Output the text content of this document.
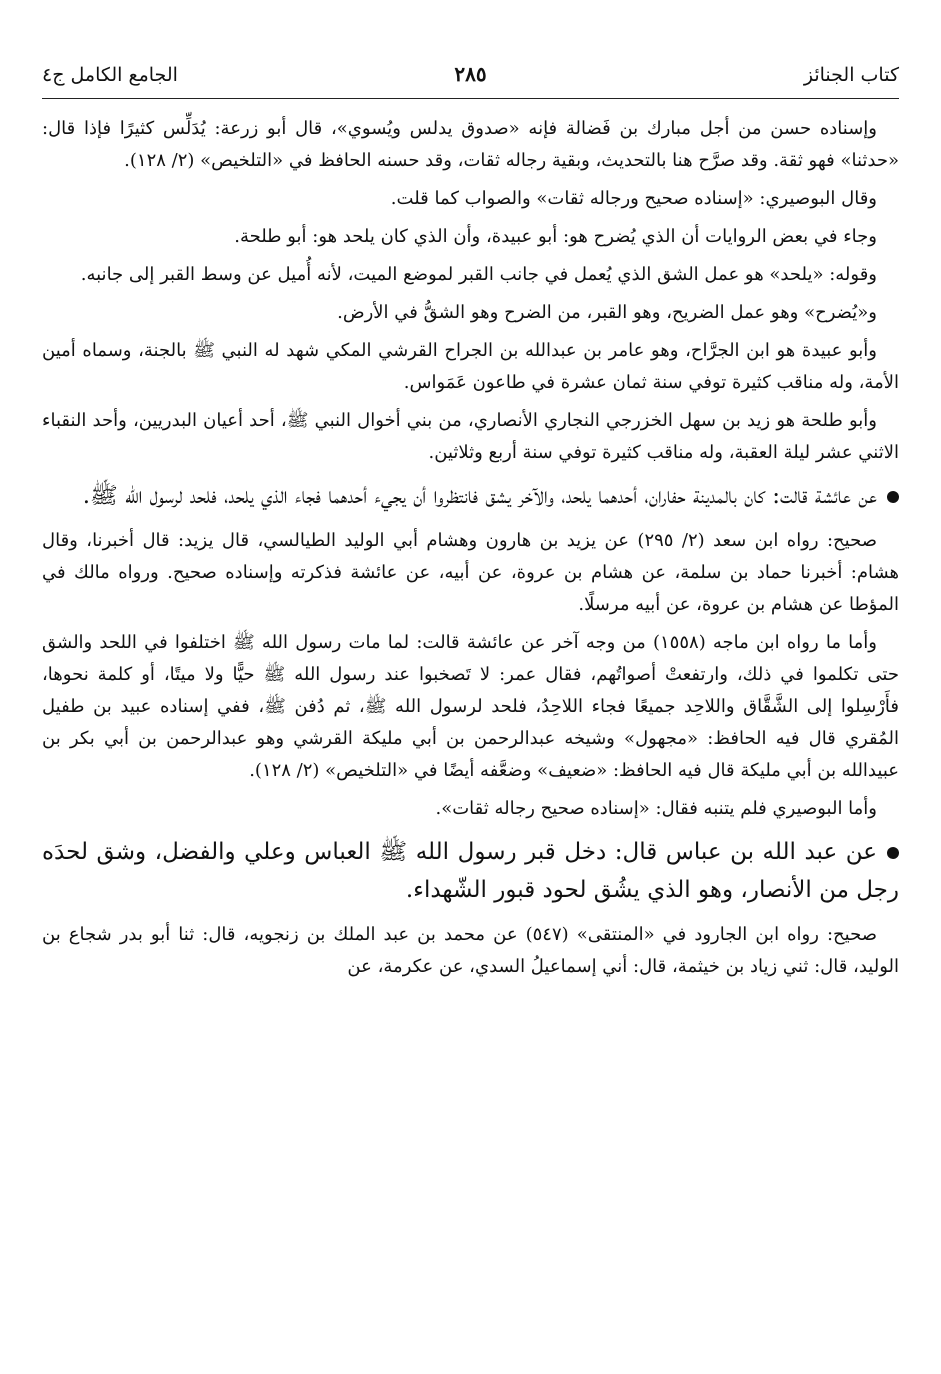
كتاب الجنائز
٢٨٥
الجامع الكامل ج٤

وإسناده حسن من أجل مبارك بن فَضالة فإنه «صدوق يدلس ويُسوي»، قال أبو زرعة: يُدَلِّس كثيرًا فإذا قال: «حدثنا» فهو ثقة. وقد صرَّح هنا بالتحديث، وبقية رجاله ثقات، وقد حسنه الحافظ في «التلخيص» (٢/ ١٢٨).

وقال البوصيري: «إسناده صحيح ورجاله ثقات» والصواب كما قلت.

وجاء في بعض الروايات أن الذي يُضرح هو: أبو عبيدة، وأن الذي كان يلحد هو: أبو طلحة.

وقوله: «يلحد» هو عمل الشق الذي يُعمل في جانب القبر لموضع الميت، لأنه أُميل عن وسط القبر إلى جانبه.

و«يُضرح» وهو عمل الضريح، وهو القبر، من الضرح وهو الشقُّ في الأرض.

وأبو عبيدة هو ابن الجرَّاح، وهو عامر بن عبدالله بن الجراح القرشي المكي شهد له النبي ﷺ بالجنة، وسماه أمين الأمة، وله مناقب كثيرة توفي سنة ثمان عشرة في طاعون عَمَواس.

وأبو طلحة هو زيد بن سهل الخزرجي النجاري الأنصاري، من بني أخوال النبي ﷺ، أحد أعيان البدريين، وأحد النقباء الاثني عشر ليلة العقبة، وله مناقب كثيرة توفي سنة أربع وثلاثين.

عن عائشة قالت: كان بالمدينة حفاران، أحدهما يلحد، والآخر يشق فانتظروا أن يجيء أحدهما فجاء الذي يلحد، فلحد لرسول الله ﷺ.

صحيح: رواه ابن سعد (٢/ ٢٩٥) عن يزيد بن هارون وهشام أبي الوليد الطيالسي، قال يزيد: قال أخبرنا، وقال هشام: أخبرنا حماد بن سلمة، عن هشام بن عروة، عن أبيه، عن عائشة فذكرته وإسناده صحيح. ورواه مالك في المؤطا عن هشام بن عروة، عن أبيه مرسلًا.

وأما ما رواه ابن ماجه (١٥٥٨) من وجه آخر عن عائشة قالت: لما مات رسول الله ﷺ اختلفوا في اللحد والشق حتى تكلموا في ذلك، وارتفعتْ أصواتُهم، فقال عمر: لا تَصخبوا عند رسول الله ﷺ حيًّا ولا ميتًا، أو كلمة نحوها، فأَرْسِلوا إلى الشَّقَّاق واللاحِد جميعًا فجاء اللاحِدُ، فلحد لرسول الله ﷺ، ثم دُفن ﷺ، ففي إسناده عبيد بن طفيل المُقري قال فيه الحافظ: «مجهول» وشيخه عبدالرحمن بن أبي مليكة القرشي وهو عبدالرحمن بن أبي بكر بن عبيدالله بن أبي مليكة قال فيه الحافظ: «ضعيف» وضعَّفه أيضًا في «التلخيص» (٢/ ١٢٨).

وأما البوصيري فلم يتنبه فقال: «إسناده صحيح رجاله ثقات».

عن عبد الله بن عباس قال: دخل قبر رسول الله ﷺ العباس وعلي والفضل، وشق لحدَه رجل من الأنصار، وهو الذي يشُق لحود قبور الشّهداء.

صحيح: رواه ابن الجارود في «المنتقى» (٥٤٧) عن محمد بن عبد الملك بن زنجويه، قال: ثنا أبو بدر شجاع بن الوليد، قال: ثني زياد بن خيثمة، قال: أني إسماعيلُ السدي، عن عكرمة، عن
